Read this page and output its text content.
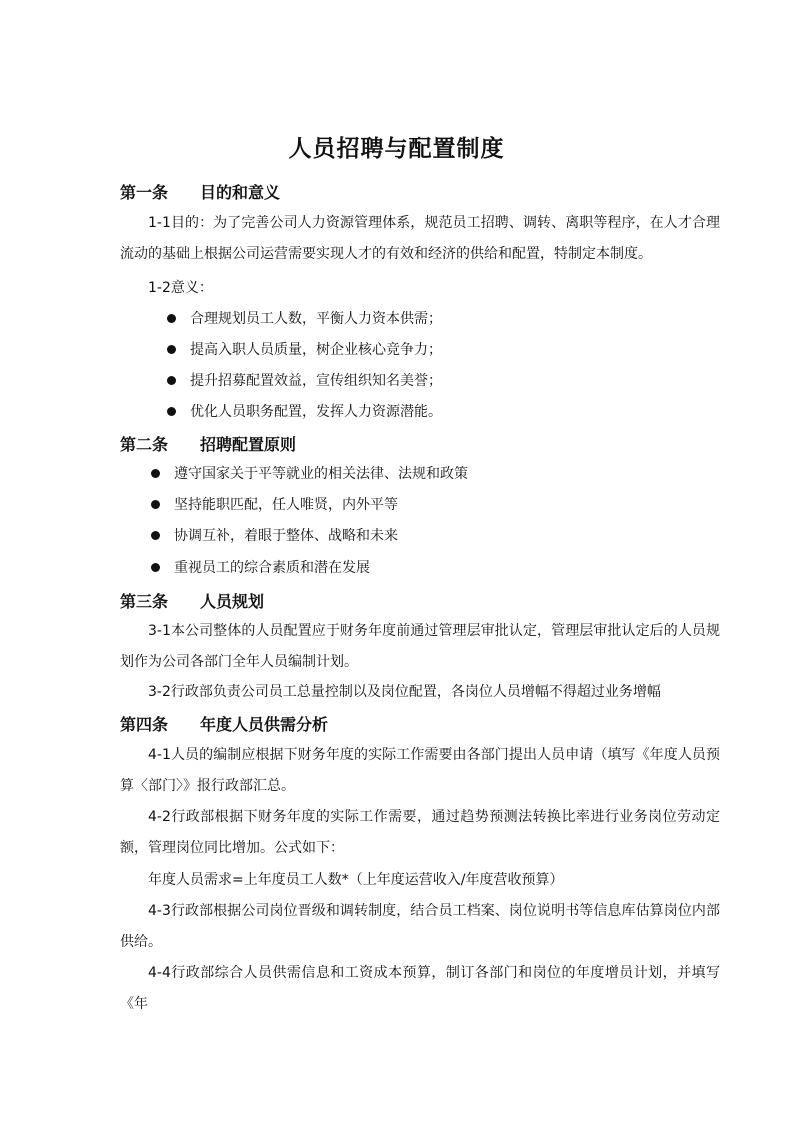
人员招聘与配置制度
第一条 目的和意义
1-1目的：为了完善公司人力资源管理体系，规范员工招聘、调转、离职等程序，在人才合理流动的基础上根据公司运营需要实现人才的有效和经济的供给和配置，特制定本制度。
1-2意义：
合理规划员工人数，平衡人力资本供需；
提高入职人员质量，树企业核心竞争力；
提升招募配置效益，宣传组织知名美誉；
优化人员职务配置，发挥人力资源潜能。
第二条 招聘配置原则
遵守国家关于平等就业的相关法律、法规和政策
坚持能职匹配，任人唯贤，内外平等
协调互补，着眼于整体、战略和未来
重视员工的综合素质和潜在发展
第三条 人员规划
3-1本公司整体的人员配置应于财务年度前通过管理层审批认定，管理层审批认定后的人员规划作为公司各部门全年人员编制计划。
3-2行政部负责公司员工总量控制以及岗位配置，各岗位人员增幅不得超过业务增幅
第四条 年度人员供需分析
4-1人员的编制应根据下财务年度的实际工作需要由各部门提出人员申请（填写《年度人员预算〈部门〉》报行政部汇总。
4-2行政部根据下财务年度的实际工作需要，通过趋势预测法转换比率进行业务岗位劳动定额，管理岗位同比增加。公式如下：
年度人员需求=上年度员工人数*（上年度运营收入/年度营收预算）
4-3行政部根据公司岗位晋级和调转制度，结合员工档案、岗位说明书等信息库估算岗位内部供给。
4-4行政部综合人员供需信息和工资成本预算，制订各部门和岗位的年度增员计划，并填写《年
